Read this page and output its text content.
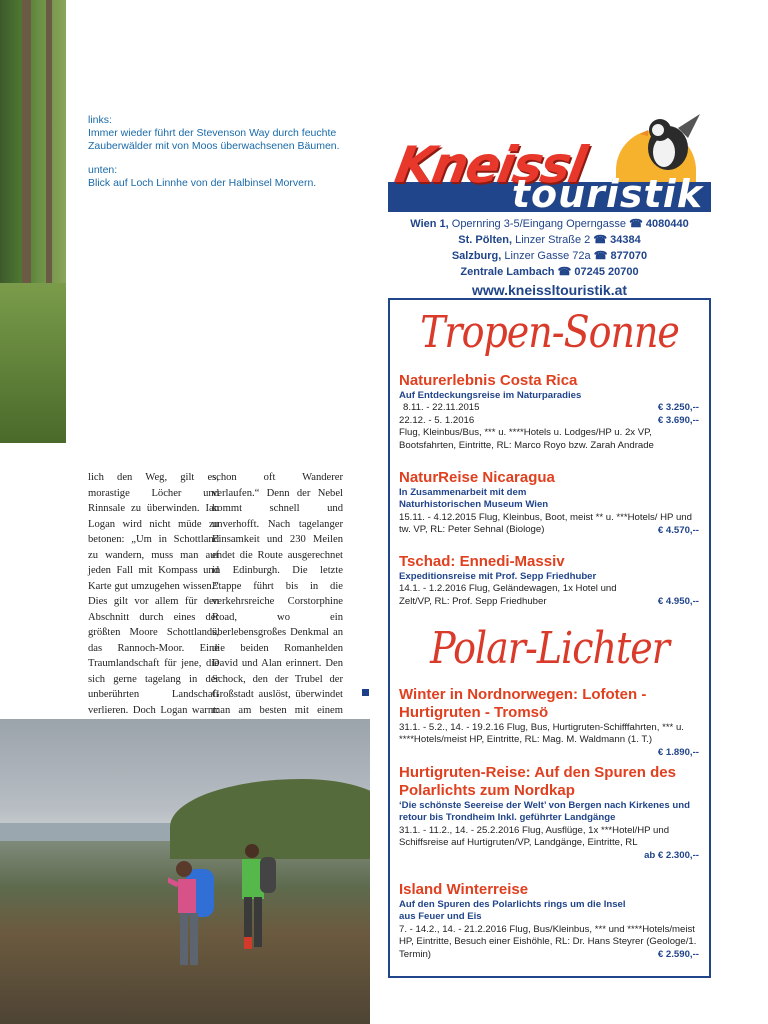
links:
Immer wieder führt der Stevenson Way durch feuchte Zauberwälder mit von Moos überwachsenen Bäumen.

unten:
Blick auf Loch Linnhe von der Halbinsel Morvern.

lich den Weg, gilt es, morastige Löcher und Rinnsale zu überwinden. Ian Logan wird nicht müde zu betonen: „Um in Schottland zu wandern, muss man auf jeden Fall mit Kompass und Karte gut umzugehen wissen.“ Dies gilt vor allem für den Abschnitt durch eines der größten Moore Schottlands, das Rannoch-Moor. Eine Traumlandschaft für jene, die sich gerne tagelang in der unberührten Landschaft verlieren. Doch Logan warnt:

schon oft Wanderer verlaufen.“ Denn der Nebel kommt schnell und unverhofft. Nach tagelanger Einsamkeit und 230 Meilen endet die Route ausgerechnet in Edinburgh. Die letzte Etappe führt bis in die verkehrsreiche Corstorphine Road, wo ein überlebensgroßes Denkmal an die beiden Romanhelden David und Alan erinnert. Den Schock, den der Trubel der Großstadt auslöst, überwindet man am besten mit einem

Kneissl
touristik
Wien 1, Opernring 3-5/Eingang Operngasse ☎ 4080440
St. Pölten, Linzer Straße 2 ☎ 34384
Salzburg, Linzer Gasse 72a ☎ 877070
Zentrale Lambach ☎ 07245 20700
www.kneissltouristik.at
Tropen-Sonne
Naturerlebnis Costa Rica
Auf Entdeckungsreise im Naturparadies
8.11. - 22.11.2015	€ 3.250,--
22.12. - 5. 1.2016	€ 3.690,--
Flug, Kleinbus/Bus, *** u. ****Hotels u. Lodges/HP u. 2x VP, Bootsfahrten, Eintritte, RL: Marco Royo bzw. Zarah Andrade
NaturReise Nicaragua
In Zusammenarbeit mit dem Naturhistorischen Museum Wien
15.11. - 4.12.2015 Flug, Kleinbus, Boot, meist ** u. ***Hotels/ HP und tw. VP, RL: Peter Sehnal (Biologe)	€ 4.570,--
Tschad: Ennedi-Massiv
Expeditionsreise mit Prof. Sepp Friedhuber
14.1. - 1.2.2016 Flug, Geländewagen, 1x Hotel und Zelt/VP, RL: Prof. Sepp Friedhuber	€ 4.950,--
Polar-Lichter
Winter in Nordnorwegen: Lofoten - Hurtigruten - Tromsö
31.1. - 5.2., 14. - 19.2.16 Flug, Bus, Hurtigruten-Schifffahrten, *** u. ****Hotels/meist HP, Eintritte, RL: Mag. M. Waldmann (1. T.)
€ 1.890,--
Hurtigruten-Reise: Auf den Spuren des Polarlichts zum Nordkap
‘Die schönste Seereise der Welt’ von Bergen nach Kirkenes und retour bis Trondheim Inkl. geführter Landgänge
31.1. - 11.2., 14. - 25.2.2016 Flug, Ausflüge, 1x ***Hotel/HP und Schiffsreise auf Hurtigruten/VP, Landgänge, Eintritte, RL
ab € 2.300,--
Island Winterreise
Auf den Spuren des Polarlichts rings um die Insel aus Feuer und Eis
7. - 14.2., 14. - 21.2.2016 Flug, Bus/Kleinbus, *** und ****Hotels/meist HP, Eintritte, Besuch einer Eishöhle, RL: Dr. Hans Steyrer (Geologe/1. Termin)	€ 2.590,--
